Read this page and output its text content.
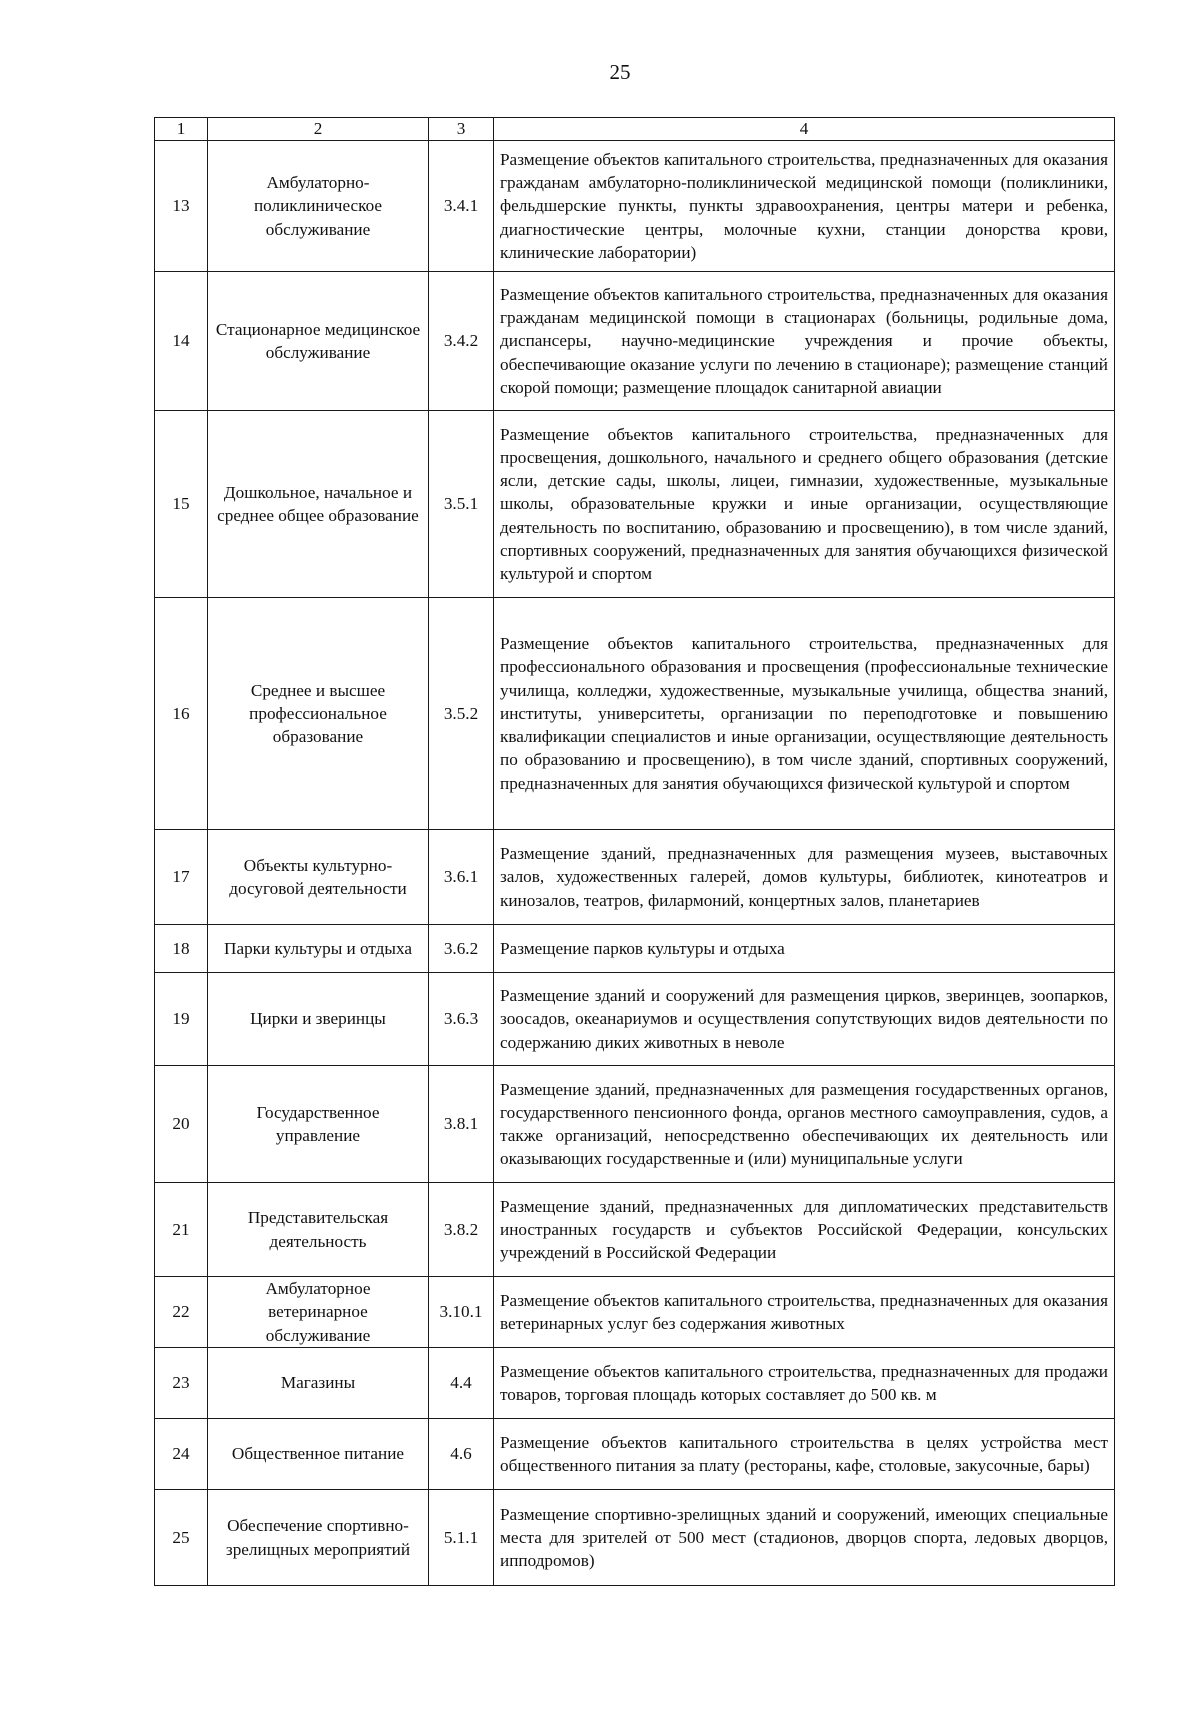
25
1	2	3	4
13	Амбулаторно-поликлиническое обслуживание	3.4.1	Размещение объектов капитального строительства, предназначенных для оказания гражданам амбулаторно-поликлинической медицинской помощи (поликлиники, фельдшерские пункты, пункты здравоохранения, центры матери и ребенка, диагностические центры, молочные кухни, станции донорства крови, клинические лаборатории)
14	Стационарное медицинское обслуживание	3.4.2	Размещение объектов капитального строительства, предназначенных для оказания гражданам медицинской помощи в стационарах (больницы, родильные дома, диспансеры, научно-медицинские учреждения и прочие объекты, обеспечивающие оказание услуги по лечению в стационаре); размещение станций скорой помощи; размещение площадок санитарной авиации
15	Дошкольное, начальное и среднее общее образование	3.5.1	Размещение объектов капитального строительства, предназначенных для просвещения, дошкольного, начального и среднего общего образования (детские ясли, детские сады, школы, лицеи, гимназии, художественные, музыкальные школы, образовательные кружки и иные организации, осуществляющие деятельность по воспитанию, образованию и просвещению), в том числе зданий, спортивных сооружений, предназначенных для занятия обучающихся физической культурой и спортом
16	Среднее и высшее профессиональное образование	3.5.2	Размещение объектов капитального строительства, предназначенных для профессионального образования и просвещения (профессиональные технические училища, колледжи, художественные, музыкальные училища, общества знаний, институты, университеты, организации по переподготовке и повышению квалификации специалистов и иные организации, осуществляющие деятельность по образованию и просвещению), в том числе зданий, спортивных сооружений, предназначенных для занятия обучающихся физической культурой и спортом
17	Объекты культурно-досуговой деятельности	3.6.1	Размещение зданий, предназначенных для размещения музеев, выставочных залов, художественных галерей, домов культуры, библиотек, кинотеатров и кинозалов, театров, филармоний, концертных залов, планетариев
18	Парки культуры и отдыха	3.6.2	Размещение парков культуры и отдыха
19	Цирки и зверинцы	3.6.3	Размещение зданий и сооружений для размещения цирков, зверинцев, зоопарков, зоосадов, океанариумов и осуществления сопутствующих видов деятельности по содержанию диких животных в неволе
20	Государственное управление	3.8.1	Размещение зданий, предназначенных для размещения государственных органов, государственного пенсионного фонда, органов местного самоуправления, судов, а также организаций, непосредственно обеспечивающих их деятельность или оказывающих государственные и (или) муниципальные услуги
21	Представительская деятельность	3.8.2	Размещение зданий, предназначенных для дипломатических представительств иностранных государств и субъектов Российской Федерации, консульских учреждений в Российской Федерации
22	Амбулаторное ветеринарное обслуживание	3.10.1	Размещение объектов капитального строительства, предназначенных для оказания ветеринарных услуг без содержания животных
23	Магазины	4.4	Размещение объектов капитального строительства, предназначенных для продажи товаров, торговая площадь которых составляет до 500 кв. м
24	Общественное питание	4.6	Размещение объектов капитального строительства в целях устройства мест общественного питания за плату (рестораны, кафе, столовые, закусочные, бары)
25	Обеспечение спортивно-зрелищных мероприятий	5.1.1	Размещение спортивно-зрелищных зданий и сооружений, имеющих специальные места для зрителей от 500 мест (стадионов, дворцов спорта, ледовых дворцов, ипподромов)
